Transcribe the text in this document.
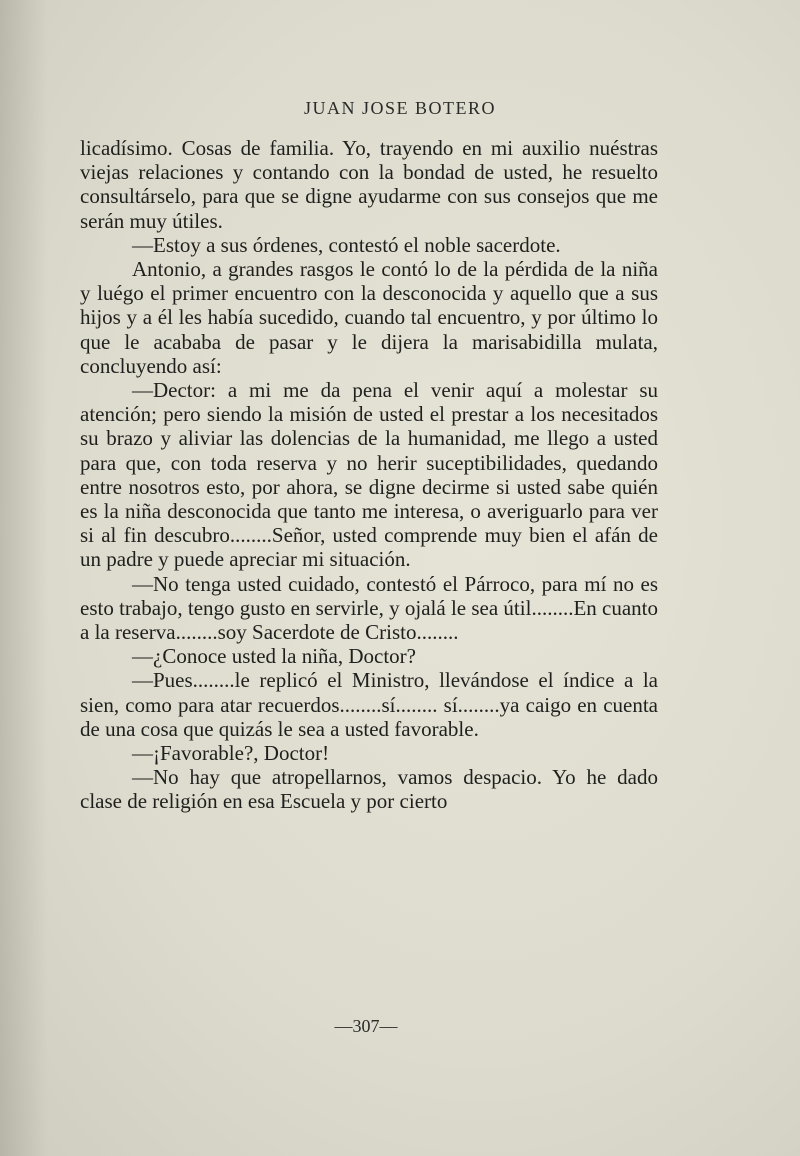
JUAN JOSE BOTERO

licadísimo. Cosas de familia. Yo, trayendo en mi auxilio nuéstras viejas relaciones y contando con la bondad de usted, he resuelto consultárselo, para que se digne ayudarme con sus consejos que me serán muy útiles.

—Estoy a sus órdenes, contestó el noble sacerdote.

Antonio, a grandes rasgos le contó lo de la pérdida de la niña y luégo el primer encuentro con la desconocida y aquello que a sus hijos y a él les había sucedido, cuando tal encuentro, y por último lo que le acababa de pasar y le dijera la marisabidilla mulata, concluyendo así:

—Dector: a mi me da pena el venir aquí a molestar su atención; pero siendo la misión de usted el prestar a los necesitados su brazo y aliviar las dolencias de la humanidad, me llego a usted para que, con toda reserva y no herir suceptibilidades, quedando entre nosotros esto, por ahora, se digne decirme si usted sabe quién es la niña desconocida que tanto me interesa, o averiguarlo para ver si al fin descubro........Señor, usted comprende muy bien el afán de un padre y puede apreciar mi situación.

—No tenga usted cuidado, contestó el Párroco, para mí no es esto trabajo, tengo gusto en servirle, y ojalá le sea útil........En cuanto a la reserva........soy Sacerdote de Cristo........

—¿Conoce usted la niña, Doctor?

—Pues........le replicó el Ministro, llevándose el índice a la sien, como para atar recuerdos........sí........ sí........ya caigo en cuenta de una cosa que quizás le sea a usted favorable.

—¡Favorable?, Doctor!

—No hay que atropellarnos, vamos despacio. Yo he dado clase de religión en esa Escuela y por cierto

—307—
